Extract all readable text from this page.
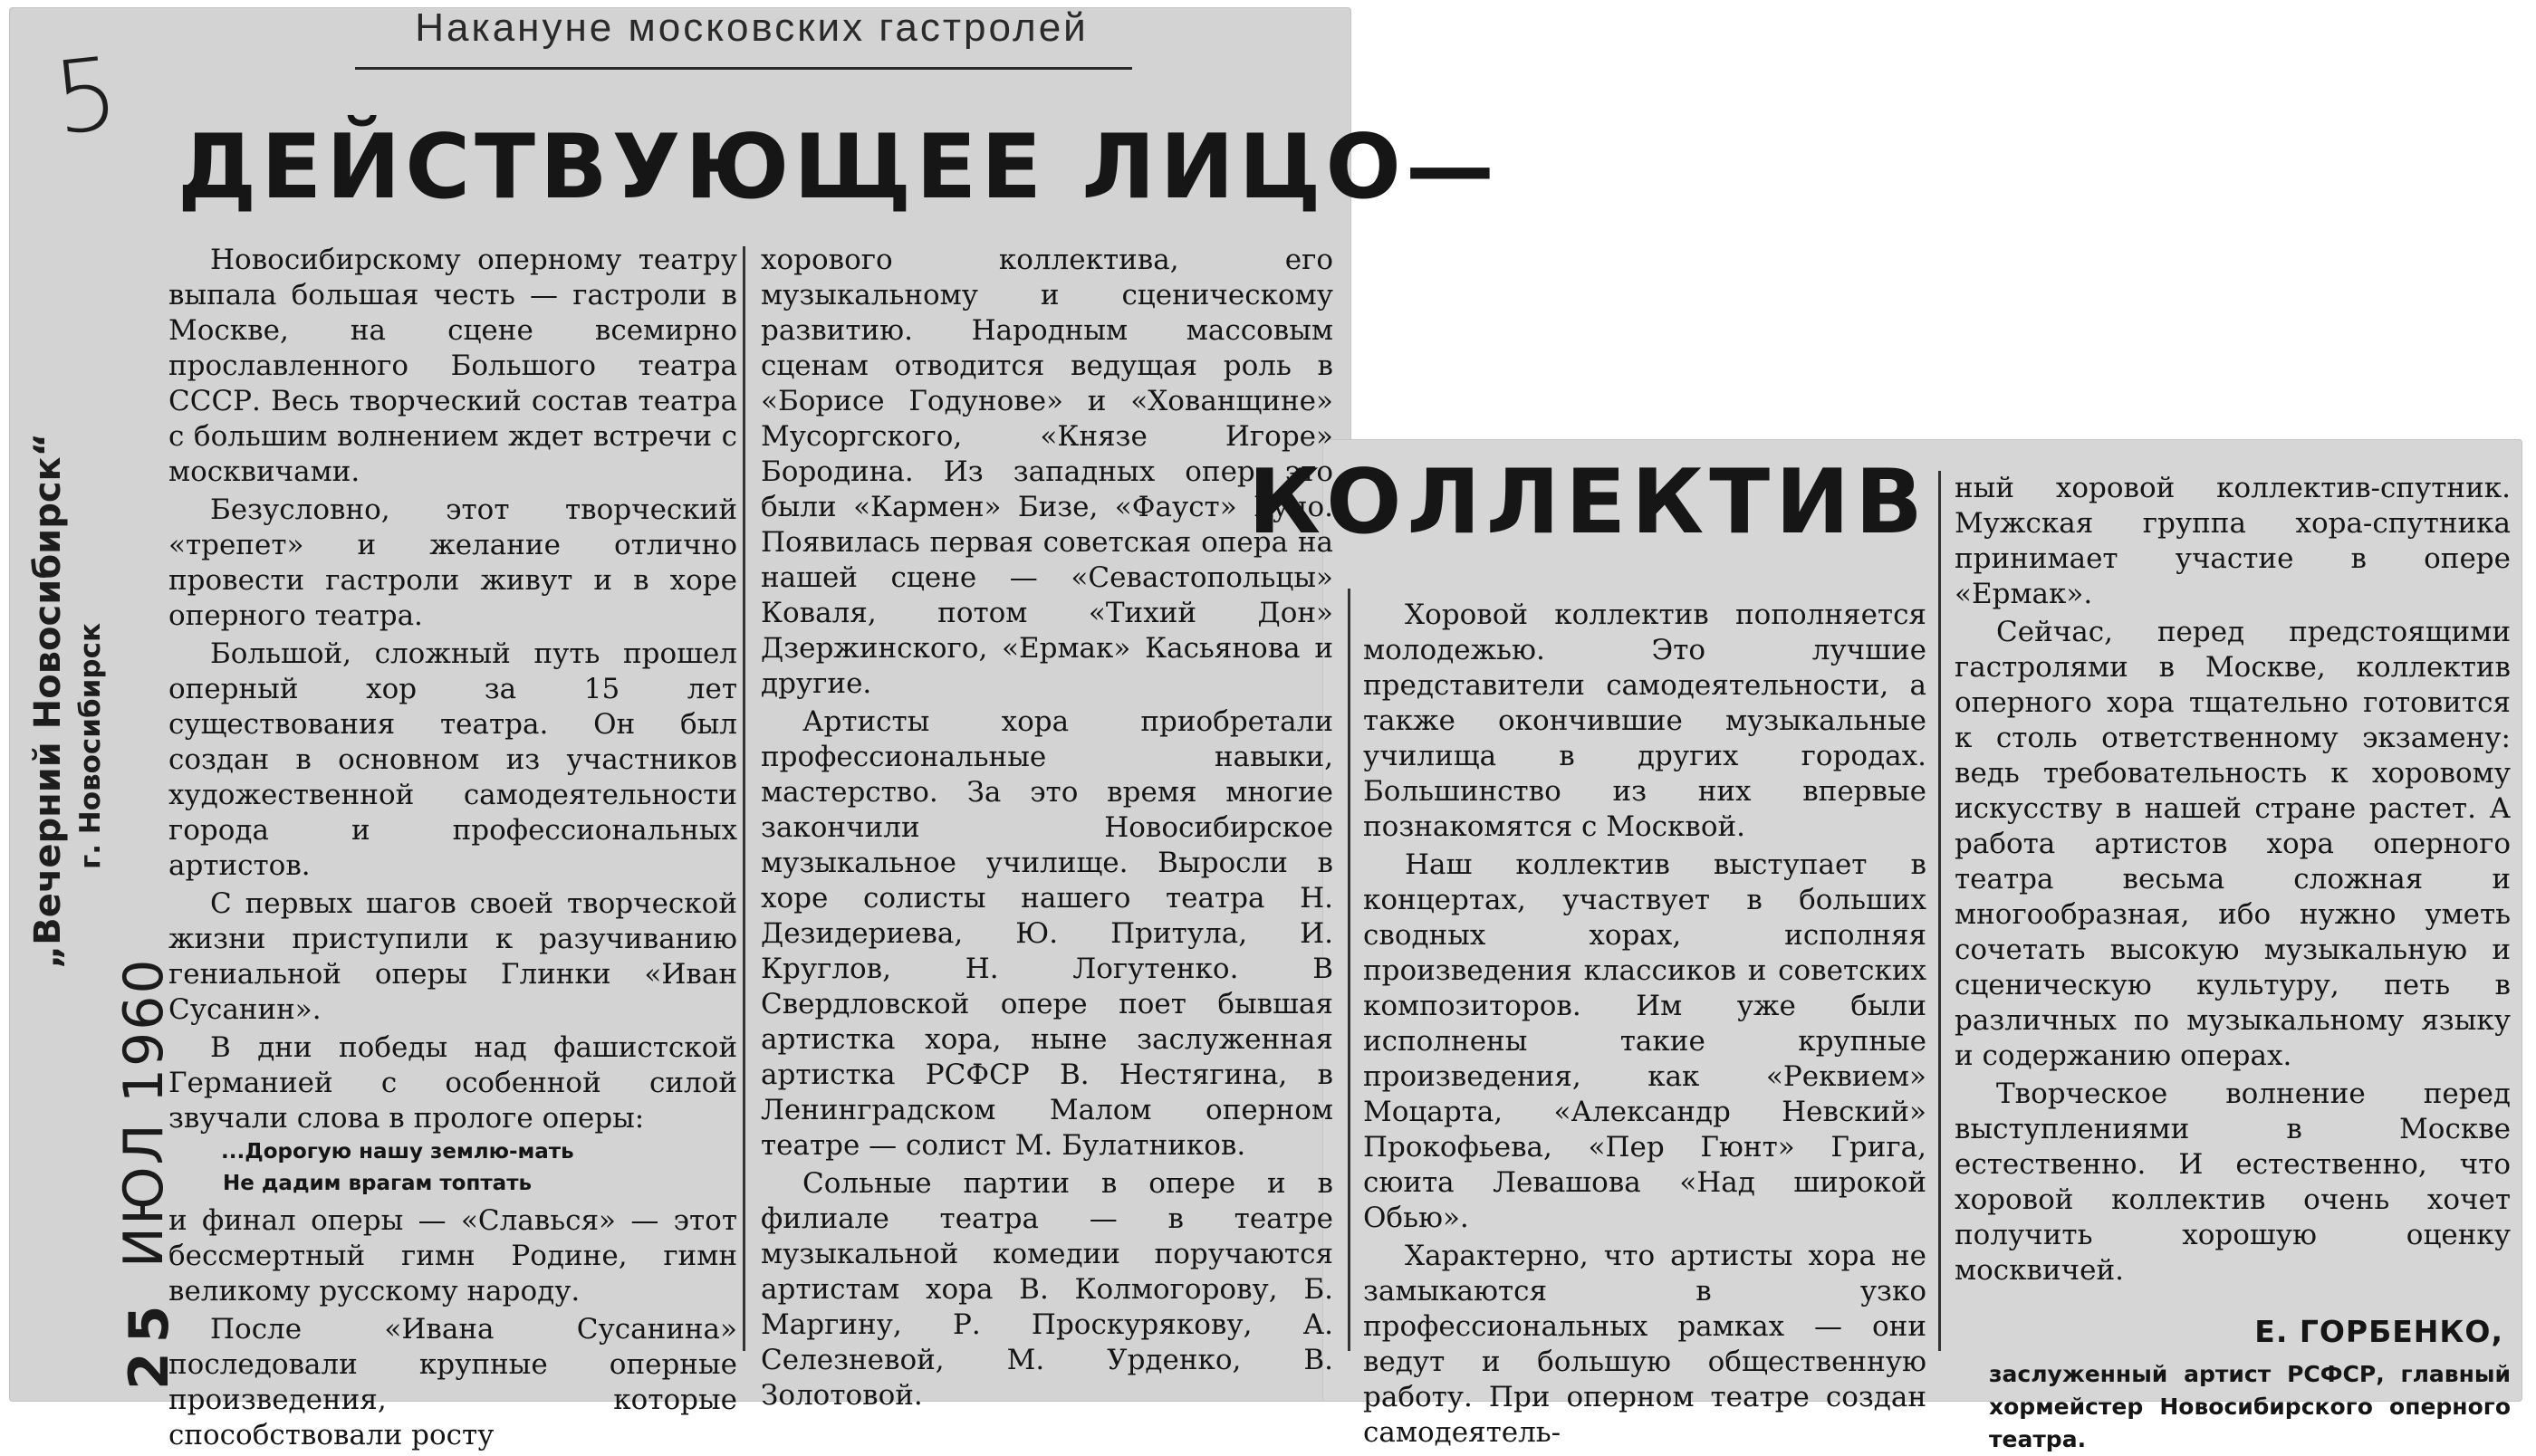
5
Накануне московских гастролей
ДЕЙСТВУЮЩЕЕ ЛИЦО—
КОЛЛЕКТИВ
„Вечерний Новосибирск“ г. Новосибирск
ИЮЛ 1960
25

Новосибирскому оперному театру выпала большая честь — гастроли в Москве, на сцене всемирно прославленного Большого театра СССР. Весь творческий состав театра с большим волнением ждет встречи с москвичами.

Безусловно, этот творческий «трепет» и желание отлично провести гастроли живут и в хоре оперного театра.

Большой, сложный путь прошел оперный хор за 15 лет существования театра. Он был создан в основном из участников художественной самодеятельности города и профессиональных артистов.

С первых шагов своей творческой жизни приступили к разучиванию гениальной оперы Глинки «Иван Сусанин».

В дни победы над фашистской Германией с особенной силой звучали слова в прологе оперы:

...Дорогую нашу землю-мать
Не дадим врагам топтать

и финал оперы — «Славься» — этот бессмертный гимн Родине, гимн великому русскому народу.

После «Ивана Сусанина» последовали крупные оперные произведения, которые способствовали росту

хорового коллектива, его музыкальному и сценическому развитию. Народным массовым сценам отводится ведущая роль в «Борисе Годунове» и «Хованщине» Мусоргского, «Князе Игоре» Бородина. Из западных опер это были «Кармен» Бизе, «Фауст» Гуно. Появилась первая советская опера на нашей сцене — «Севастопольцы» Коваля, потом «Тихий Дон» Дзержинского, «Ермак» Касьянова и другие.

Артисты хора приобретали профессиональные навыки, мастерство. За это время многие закончили Новосибирское музыкальное училище. Выросли в хоре солисты нашего театра Н. Дезидериева, Ю. Притула, И. Круглов, Н. Логутенко. В Свердловской опере поет бывшая артистка хора, ныне заслуженная артистка РСФСР В. Нестягина, в Ленинградском Малом оперном театре — солист М. Булатников.

Сольные партии в опере и в филиале театра — в театре музыкальной комедии поручаются артистам хора В. Колмогорову, Б. Маргину, Р. Проскурякову, А. Селезневой, М. Урденко, В. Золотовой.

Хоровой коллектив пополняется молодежью. Это лучшие представители самодеятельности, а также окончившие музыкальные училища в других городах. Большинство из них впервые познакомятся с Москвой.

Наш коллектив выступает в концертах, участвует в больших сводных хорах, исполняя произведения классиков и советских композиторов. Им уже были исполнены такие крупные произведения, как «Реквием» Моцарта, «Александр Невский» Прокофьева, «Пер Гюнт» Грига, сюита Левашова «Над широкой Обью».

Характерно, что артисты хора не замыкаются в узко профессиональных рамках — они ведут и большую общественную работу. При оперном театре создан самодеятель-

ный хоровой коллектив-спутник. Мужская группа хора-спутника принимает участие в опере «Ермак».

Сейчас, перед предстоящими гастролями в Москве, коллектив оперного хора тщательно готовится к столь ответственному экзамену: ведь требовательность к хоровому искусству в нашей стране растет. А работа артистов хора оперного театра весьма сложная и многообразная, ибо нужно уметь сочетать высокую музыкальную и сценическую культуру, петь в различных по музыкальному языку и содержанию операх.

Творческое волнение перед выступлениями в Москве естественно. И естественно, что хоровой коллектив очень хочет получить хорошую оценку москвичей.

Е. ГОРБЕНКО,
заслуженный артист РСФСР, главный хормейстер Новосибирского оперного театра.
